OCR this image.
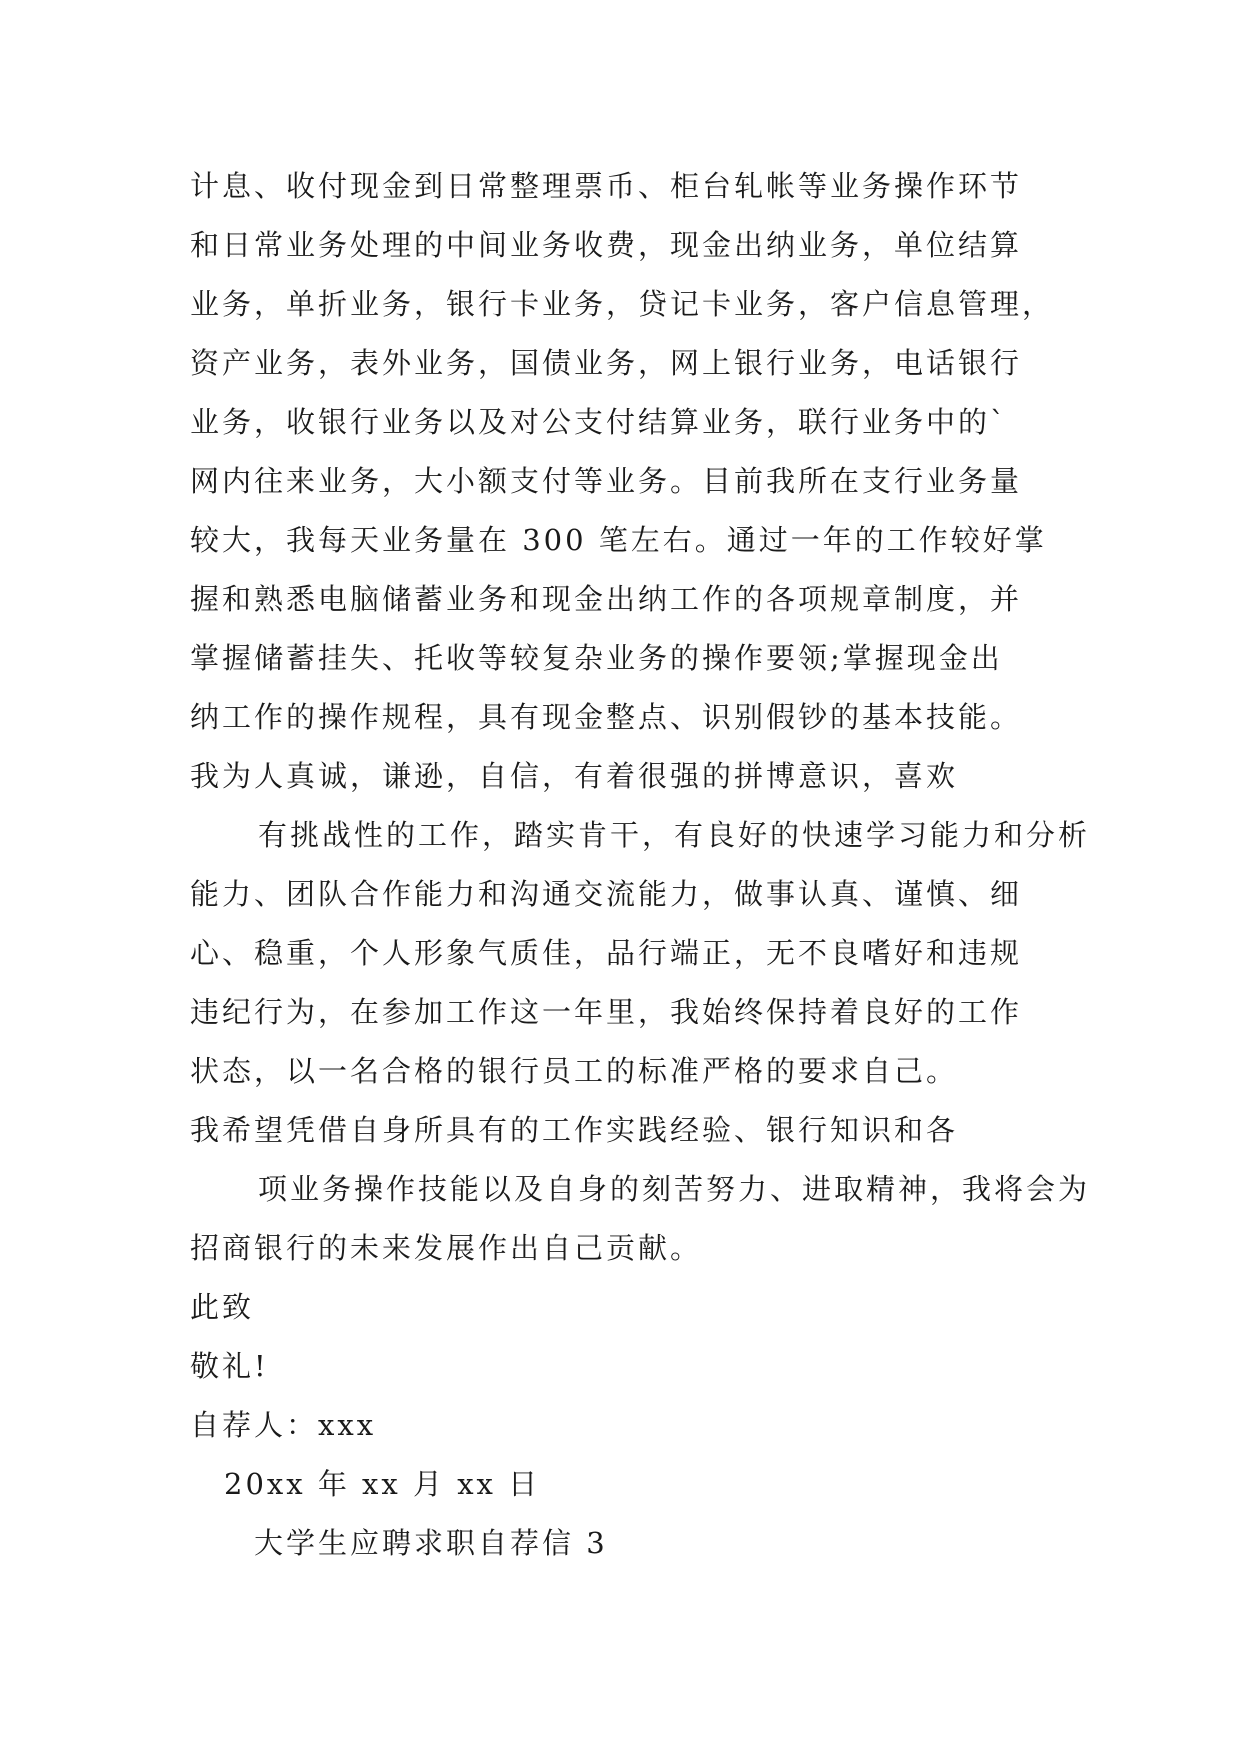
计息、收付现金到日常整理票币、柜台轧帐等业务操作环节
和日常业务处理的中间业务收费，现金出纳业务，单位结算
业务，单折业务，银行卡业务，贷记卡业务，客户信息管理，
资产业务，表外业务，国债业务，网上银行业务，电话银行
业务，收银行业务以及对公支付结算业务，联行业务中的`
网内往来业务，大小额支付等业务。目前我所在支行业务量
较大，我每天业务量在 300 笔左右。通过一年的工作较好掌
握和熟悉电脑储蓄业务和现金出纳工作的各项规章制度，并
掌握储蓄挂失、托收等较复杂业务的操作要领;掌握现金出
纳工作的操作规程，具有现金整点、识别假钞的基本技能。
我为人真诚，谦逊，自信，有着很强的拼博意识，喜欢
有挑战性的工作，踏实肯干，有良好的快速学习能力和分析
能力、团队合作能力和沟通交流能力，做事认真、谨慎、细
心、稳重，个人形象气质佳，品行端正，无不良嗜好和违规
违纪行为，在参加工作这一年里，我始终保持着良好的工作
状态，以一名合格的银行员工的标准严格的要求自己。
我希望凭借自身所具有的工作实践经验、银行知识和各
项业务操作技能以及自身的刻苦努力、进取精神，我将会为
招商银行的未来发展作出自己贡献。
此致
敬礼!
自荐人：xxx
20xx 年 xx 月 xx 日
大学生应聘求职自荐信 3
